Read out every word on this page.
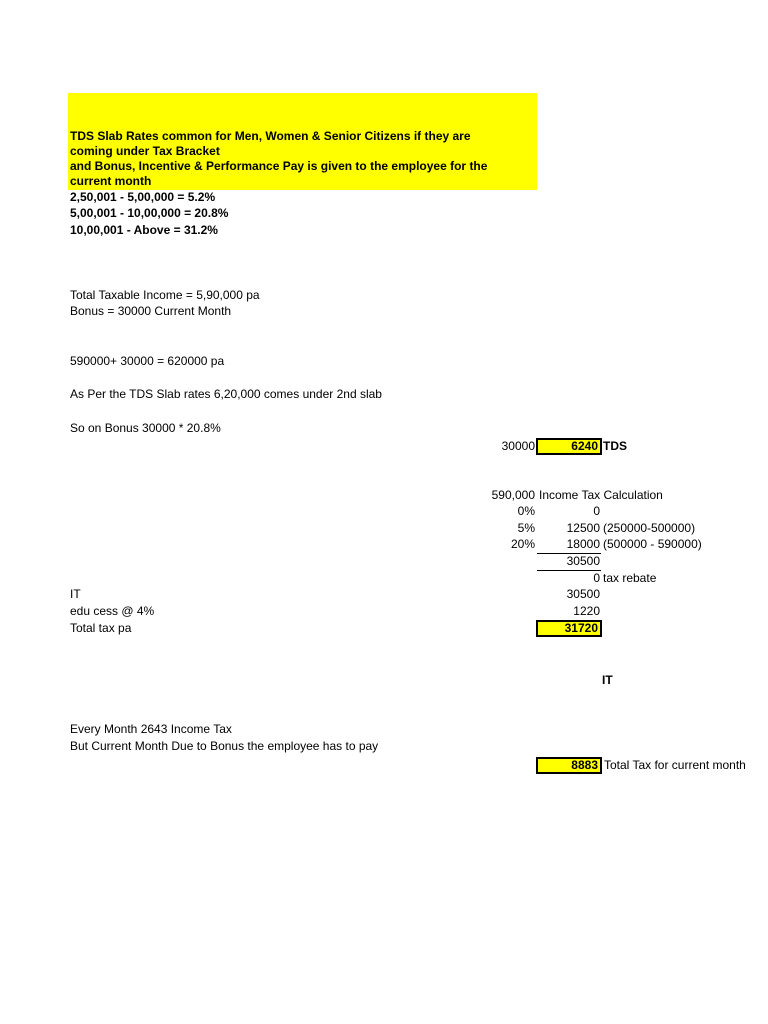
TDS Slab Rates common for Men, Women & Senior Citizens if they are
coming under Tax Bracket
and Bonus, Incentive & Performance Pay is given to the employee for the
current month
2,50,001 - 5,00,000 = 5.2%
5,00,001 - 10,00,000 = 20.8%
10,00,001 - Above = 31.2%
Total Taxable Income = 5,90,000 pa
Bonus = 30000 Current Month
590000+ 30000 = 620000 pa
As Per the TDS Slab rates 6,20,000 comes under 2nd slab
So on Bonus 30000 * 20.8%
30000	6240 TDS
590,000 Income Tax Calculation
0%	0
5%	12500 (250000-500000)
20%	18000 (500000 - 590000)
30500
0 tax rebate
IT	30500
edu cess @ 4%	1220
Total tax pa	31720
IT
Every Month 2643 Income Tax
But Current Month Due to Bonus the employee has to pay
8883 Total Tax for current month
